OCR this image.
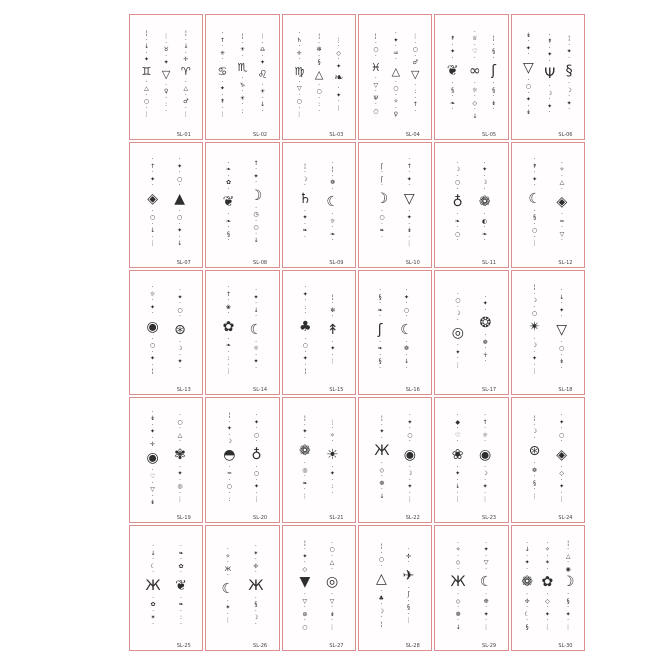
¦
·
↓
·
✦
♊
·
△
·
○
·
⋮
⋮
·
♉
·
✦
▽
·
♀
·
:
·
¦
·
↓
·
✛
♈
·
△
·
♂
·
⋮
SL-01
·
↑
·
✳
·
♋
·
✦
·
↟
·
⋮
¦
·
☀
·
♏
·
♑
·
☀
·
:
⋮
·
♎
·
✦
♌
·
☀
·
↓
·
SL-02
·
♄
·
✛
·
♍
·
▽
·
○
·
⋮
¦
·
✻
·
§
△
·
○
·
:
·
⋮
·
◇
·
✦
❧
·
✦
·
⋮
SL-03
¦
·
○
·
♓
·
▽
·
Ψ
·
○
·
✦
·
♒
·
△
·
○
·
✧
·
♀
⋮
·
○
·
♂
▽
·
:
·
↑
·
SL-04
↟
·
✦
·
❦
·
§
·
❧
·
·
♕
·
♡
·
∞
·
☼
·
◇
·
↓
¦
·
§
·
ʃ
·
§
·
↡
·
SL-05
↡
·
✦
·
▽
·
○
·
✦
·
↡
·
↟
·
✦
·
Ψ
·
☽
·
✦
·
¦
·
✦
·
§
·
☽
·
✦
·
SL-06
·
↑
·
✦
·
◈
·
○
·
↓
·
⋮
·
✦
·
○
·
▲
·
○
·
✦
·
↓
SL-07
·
❧
·
✿
·
❦
·
❧
·
§
·
↑
·
✦
·
☽
·
◷
·
○
·
↓
SL-08
¦
·
☽
·
♄
·
✦
·
❧
·
·
¦
·
❁
·
☾
·
☼
·
❧
·
SL-09
ʃ
·
ʃ
·
☽
·
○
·
❧
·
·
↑
·
✦
·
▽
·
✦
·
↡
·
⋮
SL-10
·
☽
·
○
·
♁
·
❧
·
○
·
·
✦
·
☽
·
❁
·
◐
·
❧
·
SL-11
·
↟
·
✦
·
☾
·
§
·
○
·
⋮
·
✧
·
△
·
◈
·
≈
·
▽
·
SL-12
·
☼
·
✦
·
◉
·
○
·
✦
·
¦
·
✦
·
○
·
⊛
·
☽
·
✦
·
SL-13
·
↑
·
❀
·
✿
·
❧
·
:
·
⋮
·
✦
·
↓
·
☾
·
☼
·
✦
·
SL-14
·
✦
·
:
·
♣
·
○
·
✦
·
¦
¦
·
✻
·
↟
·
✦
·
⋮
SL-15
·
§
·
❧
·
ʃ
·
❧
·
§
·
·
✦
·
○
·
☾
·
❁
·
↓
·
SL-16
·
○
·
☽
·
◎
·
✦
·
⋮
·
✦
·
❂
·
❁
·
☥
·
SL-17
¦
·
☽
·
○
✴
·
☽
·
✦
·
⋮
·
↓
·
✦
·
▽
·
○
·
↡
·
SL-18
·
↡
·
✦
·
✛
◉
·
♡
·
▽
·
↡
·
○
·
△
·
✾
·
✦
·
◎
·
⋮
SL-19
¦
·
✦
·
☽
◓
·
≈
·
○
·
:
·
✦
·
○
·
♁
·
○
·
✦
·
⋮
SL-20
¦
·
✦
·
❁
·
◎
·
❧
·
⋮
⋮
·
✧
·
☀
·
✦
·
:
·
SL-21
¦
·
✦
·
Ж
·
◇
·
❁
·
↓
·
✦
·
○
·
◉
·
☽
·
✦
·
⋮
SL-22
·
◆
·
♡
·
❀
·
✦
·
↓
·
⋮
·
↑
·
☼
·
◉
·
☽
·
✦
·
⋮
SL-23
¦
·
☽
·
⊛
·
❁
·
§
·
⋮
·
✦
·
○
·
◈
·
◇
·
✦
·
⋮
SL-24
·
↓
·
☾
·
Ж
·
✿
·
✶
·
·
❧
·
✿
·
❦
·
❧
·
:
·
SL-25
·
✧
·
Ж
·
☾
·
✶
·
⋮
·
✴
·
✢
·
Ж
·
§
·
☽
·
SL-26
¦
·
✦
·
◇
▼
·
▽
·
⊛
·
○
·
○
·
△
·
◎
·
▽
·
↡
·
⋮
SL-27
¦
·
○
·
△
·
♣
·
☽
·
¦
·
✢
·
✈
·
ʃ
·
§
·
⋮
SL-28
·
✧
·
◇
·
Ж
·
◇
·
❁
·
↓
·
✦
·
▽
·
☾
·
❉
·
✦
·
⋮
SL-29
·
↓
·
✦
·
❁
·
✢
·
☾
·
§
·
✧
·
✶
·
✿
·
◇
·
✦
·
⋮
¦
·
△
·
◉
☽
·
§
·
✦
·
⋮
SL-30
